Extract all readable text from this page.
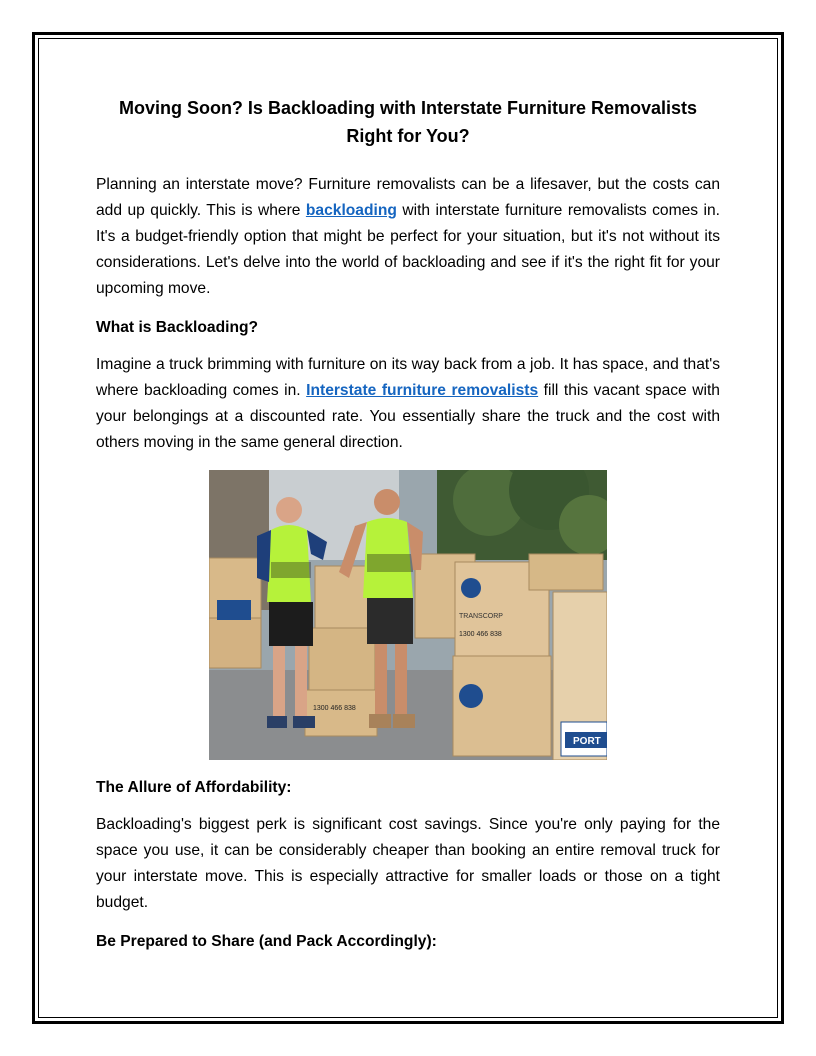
Moving Soon? Is Backloading with Interstate Furniture Removalists Right for You?

Planning an interstate move? Furniture removalists can be a lifesaver, but the costs can add up quickly. This is where backloading with interstate furniture removalists comes in. It's a budget-friendly option that might be perfect for your situation, but it's not without its considerations. Let's delve into the world of backloading and see if it's the right fit for your upcoming move.

What is Backloading?

Imagine a truck brimming with furniture on its way back from a job. It has space, and that's where backloading comes in. Interstate furniture removalists fill this vacant space with your belongings at a discounted rate. You essentially share the truck and the cost with others moving in the same general direction.

TRANSCORP
1300 466 838
1300 466 838
PORT
The Allure of Affordability:

Backloading's biggest perk is significant cost savings. Since you're only paying for the space you use, it can be considerably cheaper than booking an entire removal truck for your interstate move. This is especially attractive for smaller loads or those on a tight budget.

Be Prepared to Share (and Pack Accordingly):
